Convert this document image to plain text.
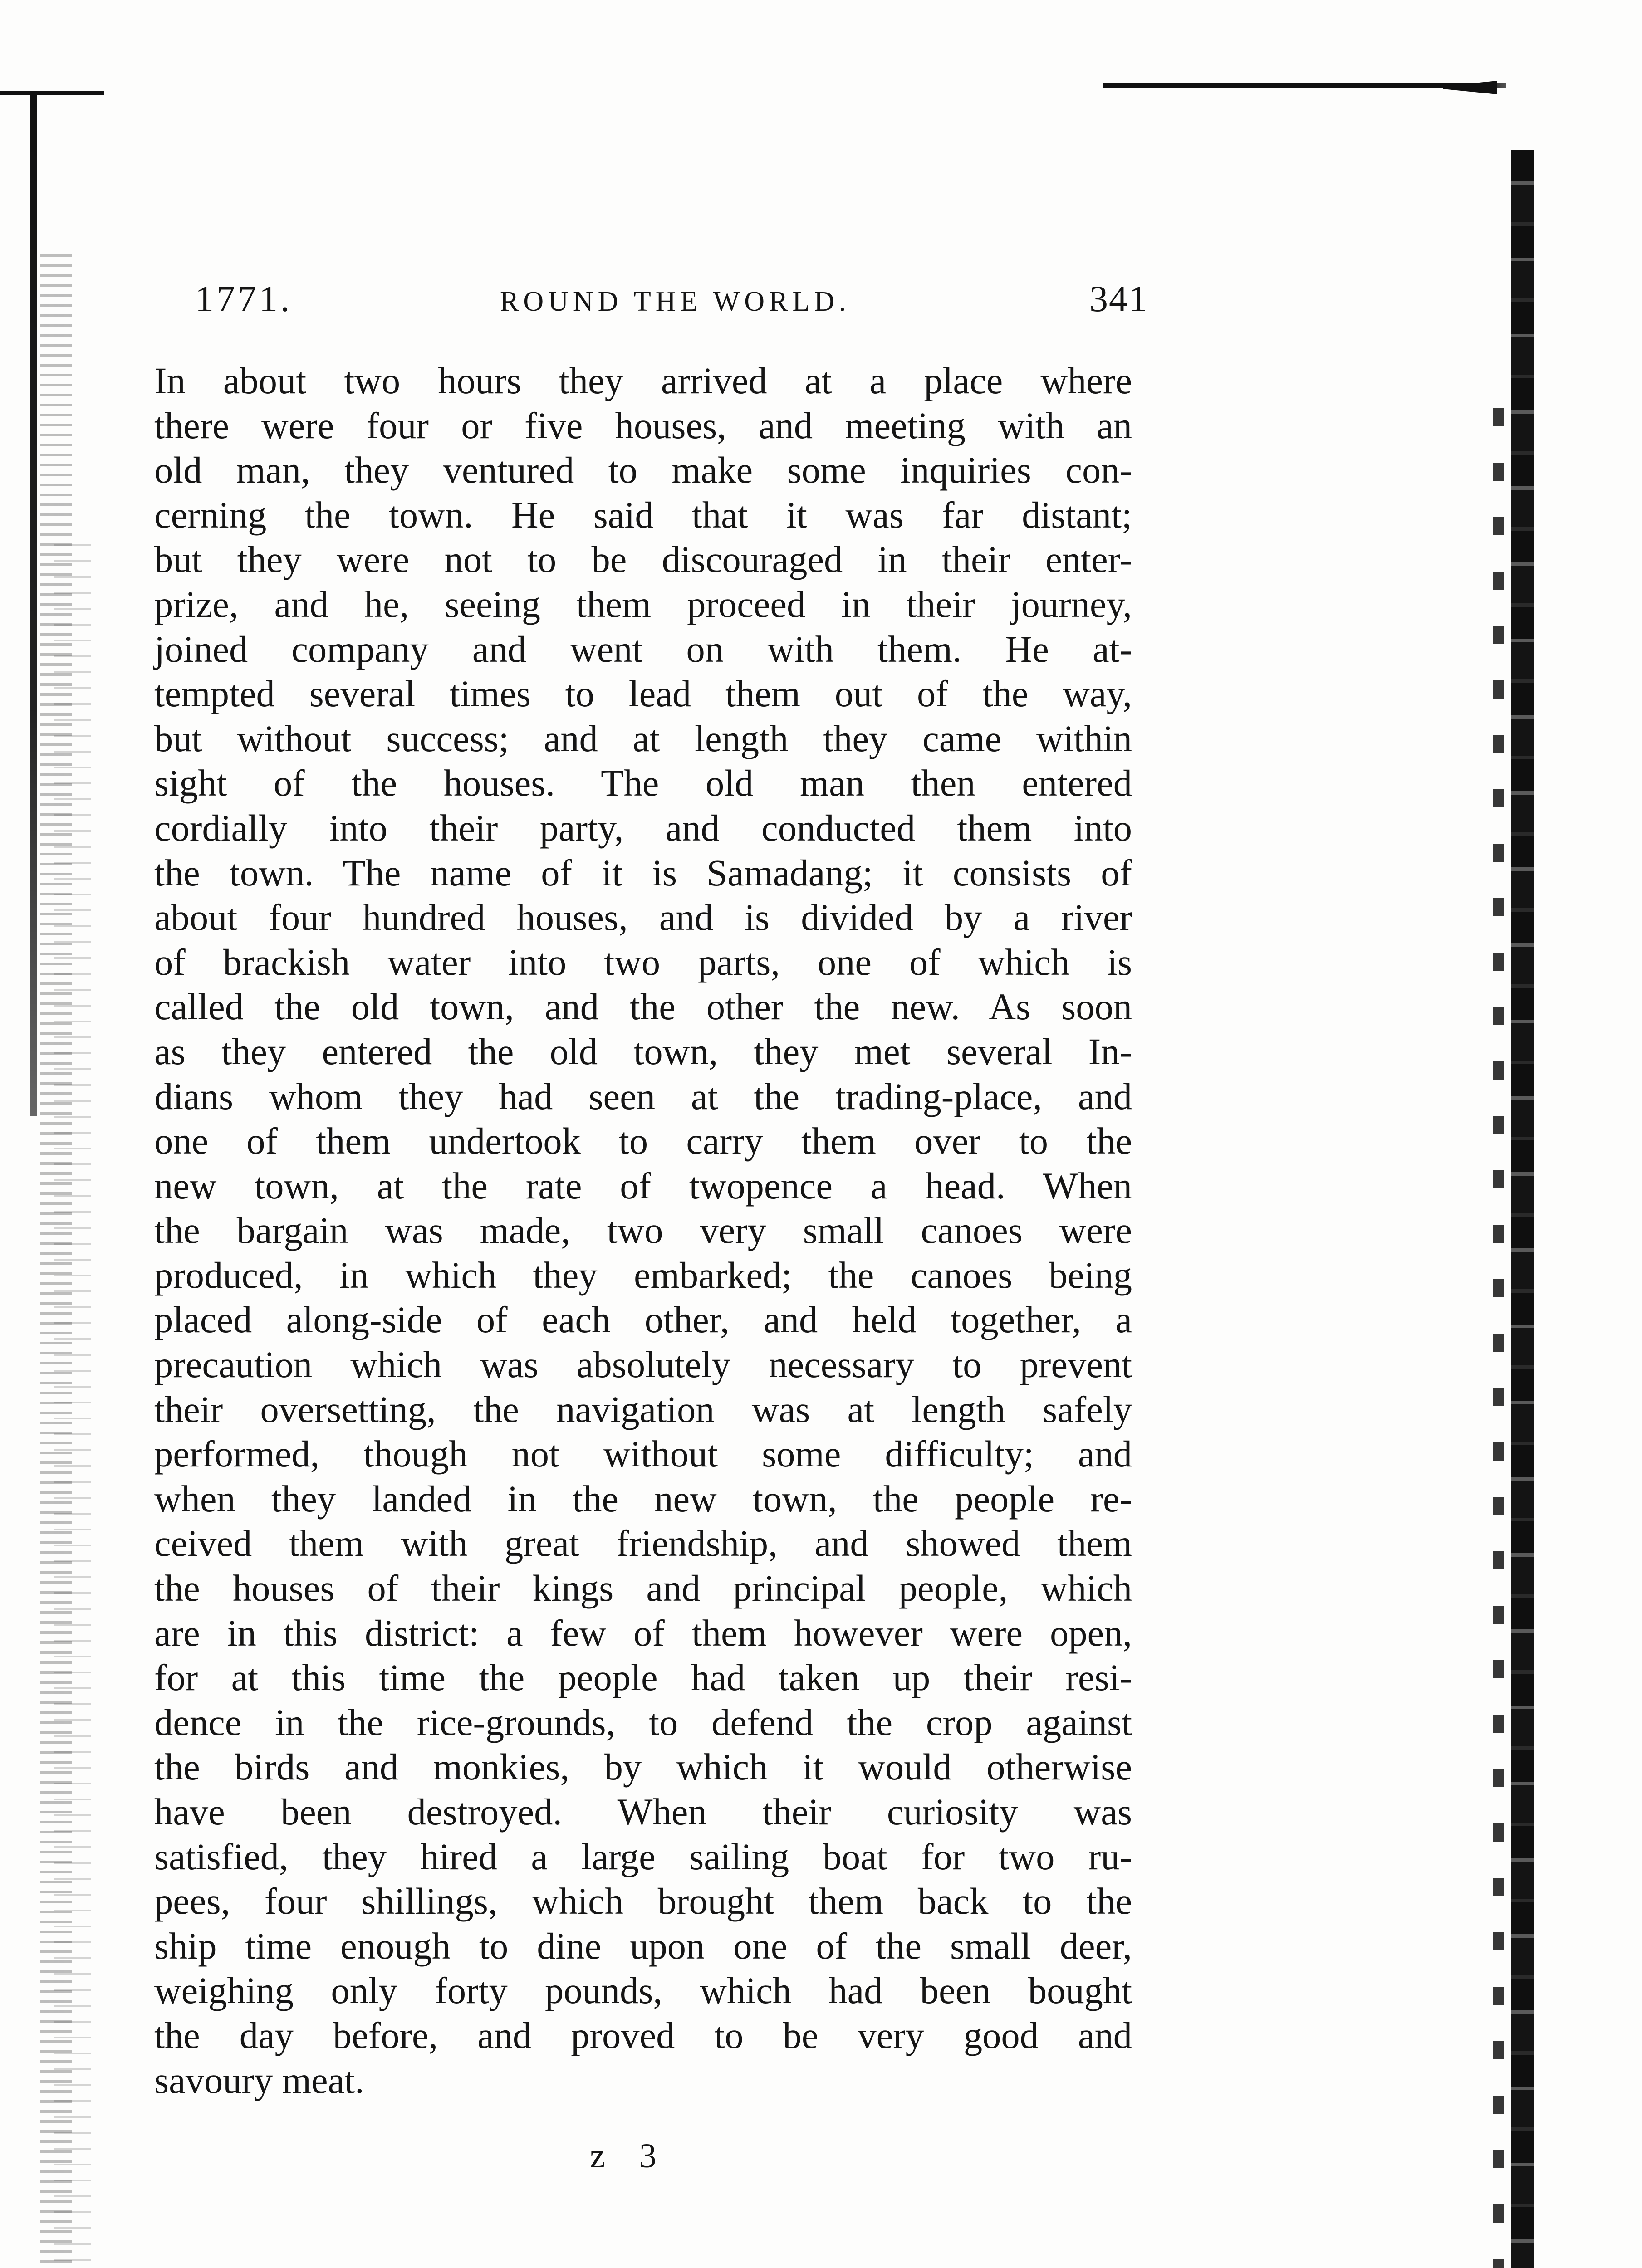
1771.	ROUND THE WORLD.	341
In about two hours they arrived at a place where
there were four or five houses, and meeting with an
old man, they ventured to make some inquiries con-
cerning the town. He said that it was far distant;
but they were not to be discouraged in their enter-
prize, and he, seeing them proceed in their journey,
joined company and went on with them. He at-
tempted several times to lead them out of the way,
but without success; and at length they came within
sight of the houses. The old man then entered
cordially into their party, and conducted them into
the town. The name of it is Samadang; it consists of
about four hundred houses, and is divided by a river
of brackish water into two parts, one of which is
called the old town, and the other the new. As soon
as they entered the old town, they met several In-
dians whom they had seen at the trading-place, and
one of them undertook to carry them over to the
new town, at the rate of twopence a head. When
the bargain was made, two very small canoes were
produced, in which they embarked; the canoes being
placed along-side of each other, and held together, a
precaution which was absolutely necessary to prevent
their oversetting, the navigation was at length safely
performed, though not without some difficulty; and
when they landed in the new town, the people re-
ceived them with great friendship, and showed them
the houses of their kings and principal people, which
are in this district: a few of them however were open,
for at this time the people had taken up their resi-
dence in the rice-grounds, to defend the crop against
the birds and monkies, by which it would otherwise
have been destroyed. When their curiosity was
satisfied, they hired a large sailing boat for two ru-
pees, four shillings, which brought them back to the
ship time enough to dine upon one of the small deer,
weighing only forty pounds, which had been bought
the day before, and proved to be very good and
savoury meat.
z 3
